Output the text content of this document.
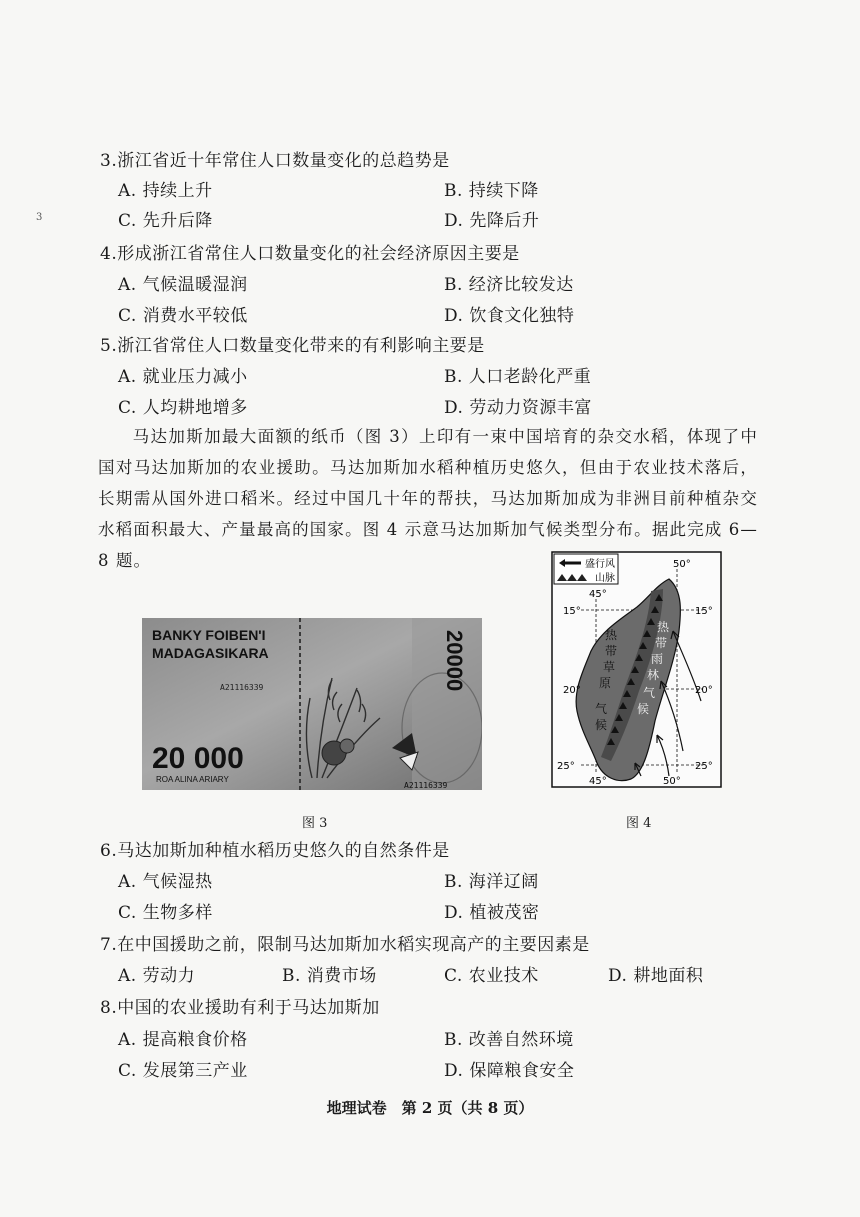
3
3.浙江省近十年常住人口数量变化的总趋势是
A. 持续上升	B. 持续下降
C. 先升后降	D. 先降后升
4.形成浙江省常住人口数量变化的社会经济原因主要是
A. 气候温暖湿润	B. 经济比较发达
C. 消费水平较低	D. 饮食文化独特
5.浙江省常住人口数量变化带来的有利影响主要是
A. 就业压力减小	B. 人口老龄化严重
C. 人均耕地增多	D. 劳动力资源丰富
马达加斯加最大面额的纸币（图 3）上印有一束中国培育的杂交水稻，体现了中国对马达加斯加的农业援助。马达加斯加水稻种植历史悠久，但由于农业技术落后，长期需从国外进口稻米。经过中国几十年的帮扶，马达加斯加成为非洲目前种植杂交水稻面积最大、产量最高的国家。图 4 示意马达加斯加气候类型分布。据此完成 6—8 题。
BANKY FOIBEN'I
MADAGASIKARA
A21116339	20000
20 000
ROA ALINA ARIARY
A21116339
图 3
盛行风
山脉
50°
45°
45°	50°
15°	15°
20°	20°
25°	25°
热
带
草
原
气
候
热
带
雨
林
气
候
图 4
6.马达加斯加种植水稻历史悠久的自然条件是
A. 气候湿热	B. 海洋辽阔
C. 生物多样	D. 植被茂密
7.在中国援助之前，限制马达加斯加水稻实现高产的主要因素是
A. 劳动力	B. 消费市场	C. 农业技术	D. 耕地面积
8.中国的农业援助有利于马达加斯加
A. 提高粮食价格	B. 改善自然环境
C. 发展第三产业	D. 保障粮食安全
地理试卷　第 2 页（共 8 页）
